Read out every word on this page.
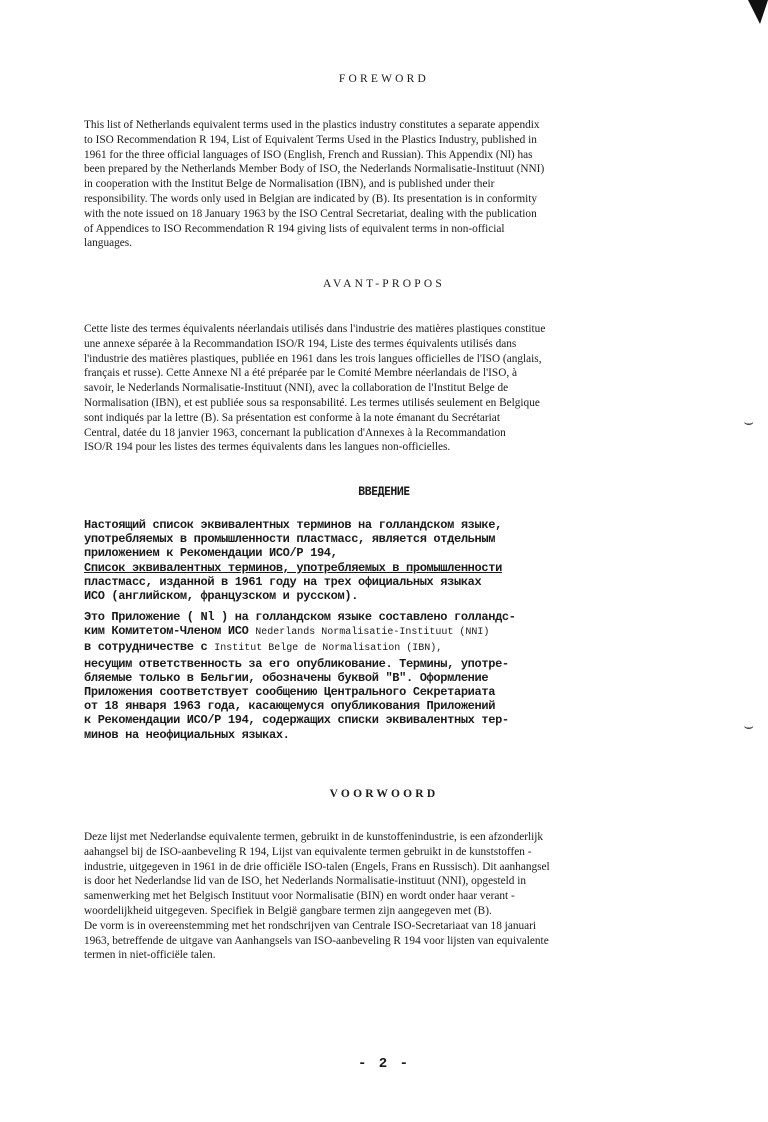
⌣
⌣
FOREWORD
This list of Netherlands equivalent terms used in the plastics industry constitutes a separate appendix
to ISO Recommendation R 194, List of Equivalent Terms Used in the Plastics Industry, published in
1961 for the three official languages of ISO (English, French and Russian). This Appendix (Nl) has
been prepared by the Netherlands Member Body of ISO, the Nederlands Normalisatie-Instituut (NNI)
in cooperation with the Institut Belge de Normalisation (IBN), and is published under their
responsibility. The words only used in Belgian are indicated by (B). Its presentation is in conformity
with the note issued on 18 January 1963 by the ISO Central Secretariat, dealing with the publication
of Appendices to ISO Recommendation R 194 giving lists of equivalent terms in non-official
languages.
AVANT-PROPOS
Cette liste des termes équivalents néerlandais utilisés dans l'industrie des matières plastiques constitue
une annexe séparée à la Recommandation ISO/R 194, Liste des termes équivalents utilisés dans
l'industrie des matières plastiques, publiée en 1961 dans les trois langues officielles de l'ISO (anglais,
français et russe). Cette Annexe Nl a été préparée par le Comité Membre néerlandais de l'ISO, à
savoir, le Nederlands Normalisatie-Instituut (NNI), avec la collaboration de l'Institut Belge de
Normalisation (IBN), et est publiée sous sa responsabilité. Les termes utilisés seulement en Belgique
sont indiqués par la lettre (B). Sa présentation est conforme à la note émanant du Secrétariat
Central, datée du 18 janvier 1963, concernant la publication d'Annexes à la Recommandation
ISO/R 194 pour les listes des termes équivalents dans les langues non-officielles.
ВВЕДЕНИЕ
Настоящий список эквивалентных терминов на голландском языке,
употребляемых в промышленности пластмасс, является отдельным
приложением к Рекомендации ИСО/Р 194,
Список эквивалентных терминов, употребляемых в промышленности
пластмасс, изданной в 1961 году на трех официальных языках
ИСО (английском, французском и русском).
Это Приложение ( Nl ) на голландском языке составлено голландс-
ким Комитетом-Членом ИСО Nederlands Normalisatie-Instituut (NNI)
в сотрудничестве с Institut Belge de Normalisation (IBN),
несущим ответственность за его опубликование. Термины, употре-
бляемые только в Бельгии, обозначены буквой "В". Оформление
Приложения соответствует сообщению Центрального Секретариата
от 18 января 1963 года, касающемуся опубликования Приложений
к Рекомендации ИСО/Р 194, содержащих списки эквивалентных тер-
минов на неофициальных языках.
VOORWOORD
Deze lijst met Nederlandse equivalente termen, gebruikt in de kunstoffenindustrie, is een afzonderlijk
aahangsel bij de ISO-aanbeveling R 194, Lijst van equivalente termen gebruikt in de kunststoffen -
industrie, uitgegeven in 1961 in de drie officiële ISO-talen (Engels, Frans en Russisch). Dit aanhangsel
is door het Nederlandse lid van de ISO, het Nederlands Normalisatie-instituut (NNI), opgesteld in
samenwerking met het Belgisch Instituut voor Normalisatie (BIN) en wordt onder haar verant -
woordelijkheid uitgegeven. Specifiek in België gangbare termen zijn aangegeven met (B).
De vorm is in overeenstemming met het rondschrijven van Centrale ISO-Secretariaat van 18 januari
1963, betreffende de uitgave van Aanhangsels van ISO-aanbeveling R 194 voor lijsten van equivalente
termen in niet-officiële talen.
- 2 -
